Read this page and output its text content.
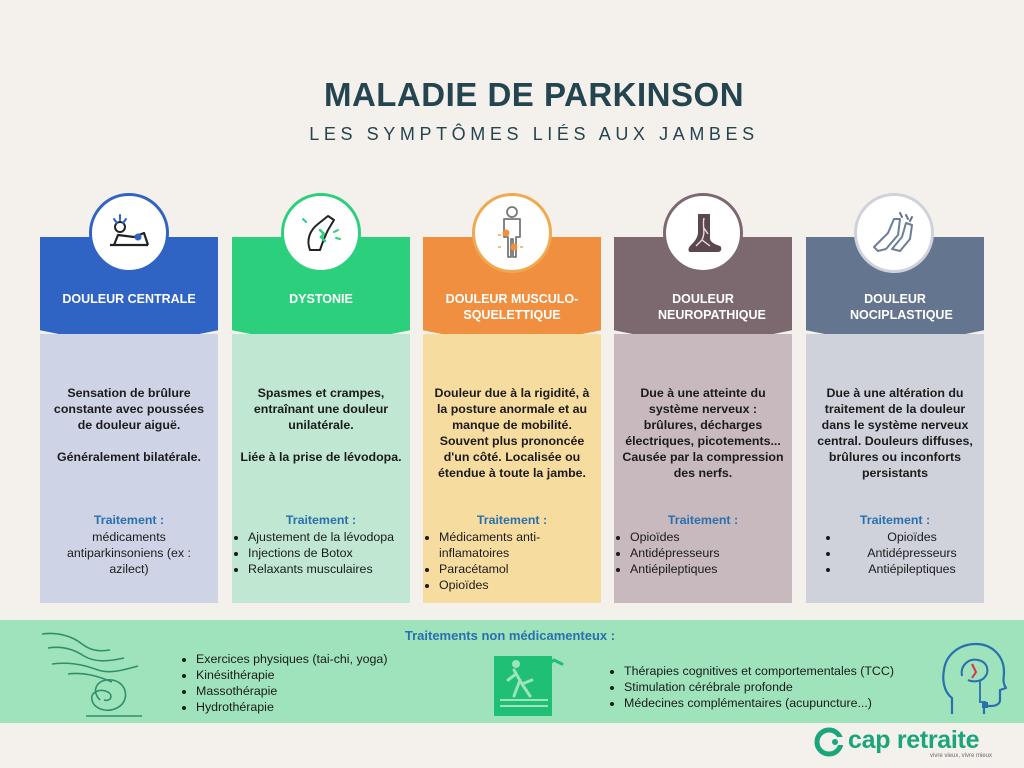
MALADIE DE PARKINSON
LES SYMPTÔMES LIÉS AUX JAMBES
DOULEUR CENTRALE

Sensation de brûlure constante avec poussées de douleur aiguë.

Généralement bilatérale.

Traitement :
médicaments antiparkinsoniens (ex : azilect)
DYSTONIE

Spasmes et crampes, entraînant une douleur unilatérale.

Liée à la prise de lévodopa.

Traitement :
• Ajustement de la lévodopa
• Injections de Botox
• Relaxants musculaires
DOULEUR MUSCULO-SQUELETTIQUE

Douleur due à la rigidité, à la posture anormale et au manque de mobilité. Souvent plus prononcée d'un côté. Localisée ou étendue à toute la jambe.

Traitement :
• Médicaments anti-inflamatoires
• Paracétamol
• Opioïdes
DOULEUR NEUROPATHIQUE

Due à une atteinte du système nerveux : brûlures, décharges électriques, picotements... Causée par la compression des nerfs.

Traitement :
• Opioïdes
• Antidépresseurs
• Antiépileptiques
DOULEUR NOCIPLASTIQUE

Due à une altération du traitement de la douleur dans le système nerveux central. Douleurs diffuses, brûlures ou inconforts persistants

Traitement :
• Opioïdes
• Antidépresseurs
• Antiépileptiques
Traitements non médicamenteux :
• Exercices physiques (tai-chi, yoga)
• Kinésithérapie
• Massothérapie
• Hydrothérapie
• Thérapies cognitives et comportementales (TCC)
• Stimulation cérébrale profonde
• Médecines complémentaires (acupuncture...)
cap retraite
vivre vieux, vivre mieux
